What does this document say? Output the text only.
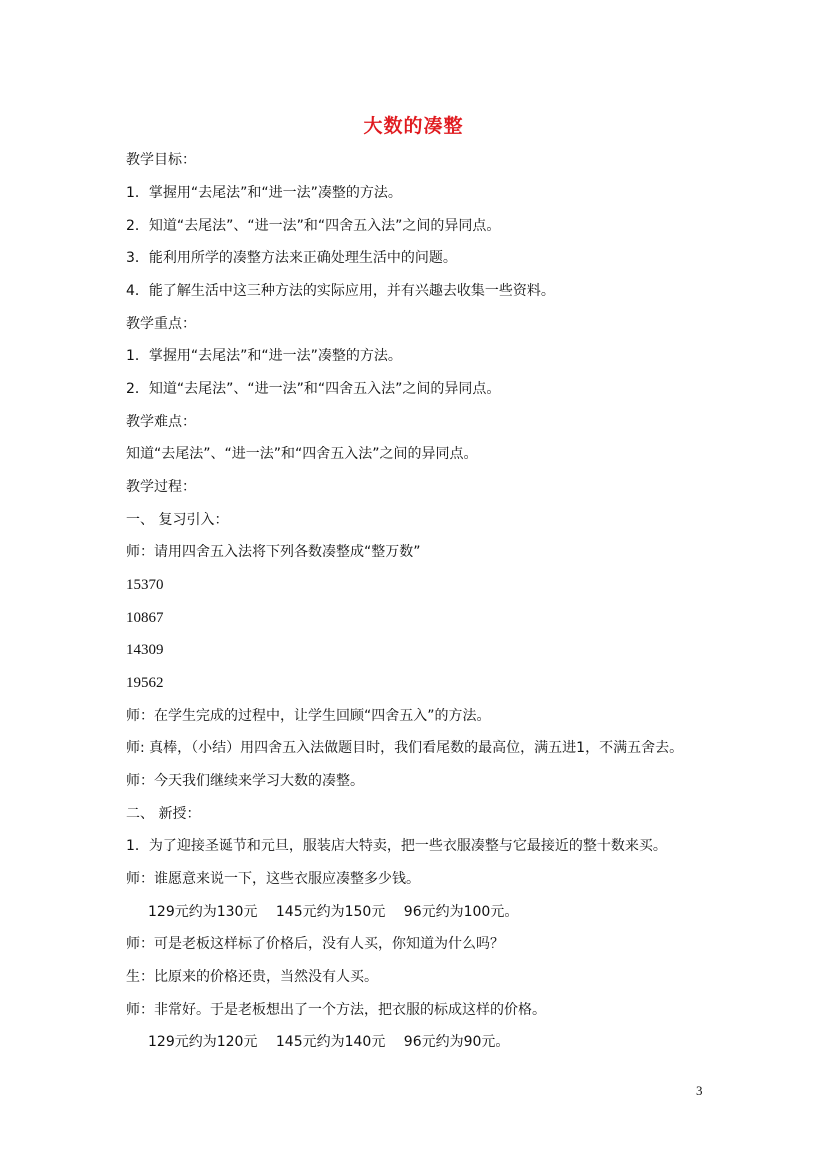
大数的凑整
教学目标：
1．掌握用“去尾法”和“进一法”凑整的方法。
2．知道“去尾法”、“进一法”和“四舍五入法”之间的异同点。
3．能利用所学的凑整方法来正确处理生活中的问题。
4．能了解生活中这三种方法的实际应用，并有兴趣去收集一些资料。
教学重点：
1．掌握用“去尾法”和“进一法”凑整的方法。
2．知道“去尾法”、“进一法”和“四舍五入法”之间的异同点。
教学难点：
知道“去尾法”、“进一法”和“四舍五入法”之间的异同点。
教学过程：
一、 复习引入：
师：请用四舍五入法将下列各数凑整成“整万数”
15370
10867
14309
19562
师：在学生完成的过程中，让学生回顾“四舍五入”的方法。
师: 真棒，（小结）用四舍五入法做题目时，我们看尾数的最高位，满五进1，不满五舍去。
师：今天我们继续来学习大数的凑整。
二、 新授：
1．为了迎接圣诞节和元旦，服装店大特卖，把一些衣服凑整与它最接近的整十数来买。
师：谁愿意来说一下，这些衣服应凑整多少钱。
129元约为130元　 145元约为150元　 96元约为100元。
师：可是老板这样标了价格后，没有人买，你知道为什么吗？
生：比原来的价格还贵，当然没有人买。
师：非常好。于是老板想出了一个方法，把衣服的标成这样的价格。
129元约为120元　 145元约为140元　 96元约为90元。
3
